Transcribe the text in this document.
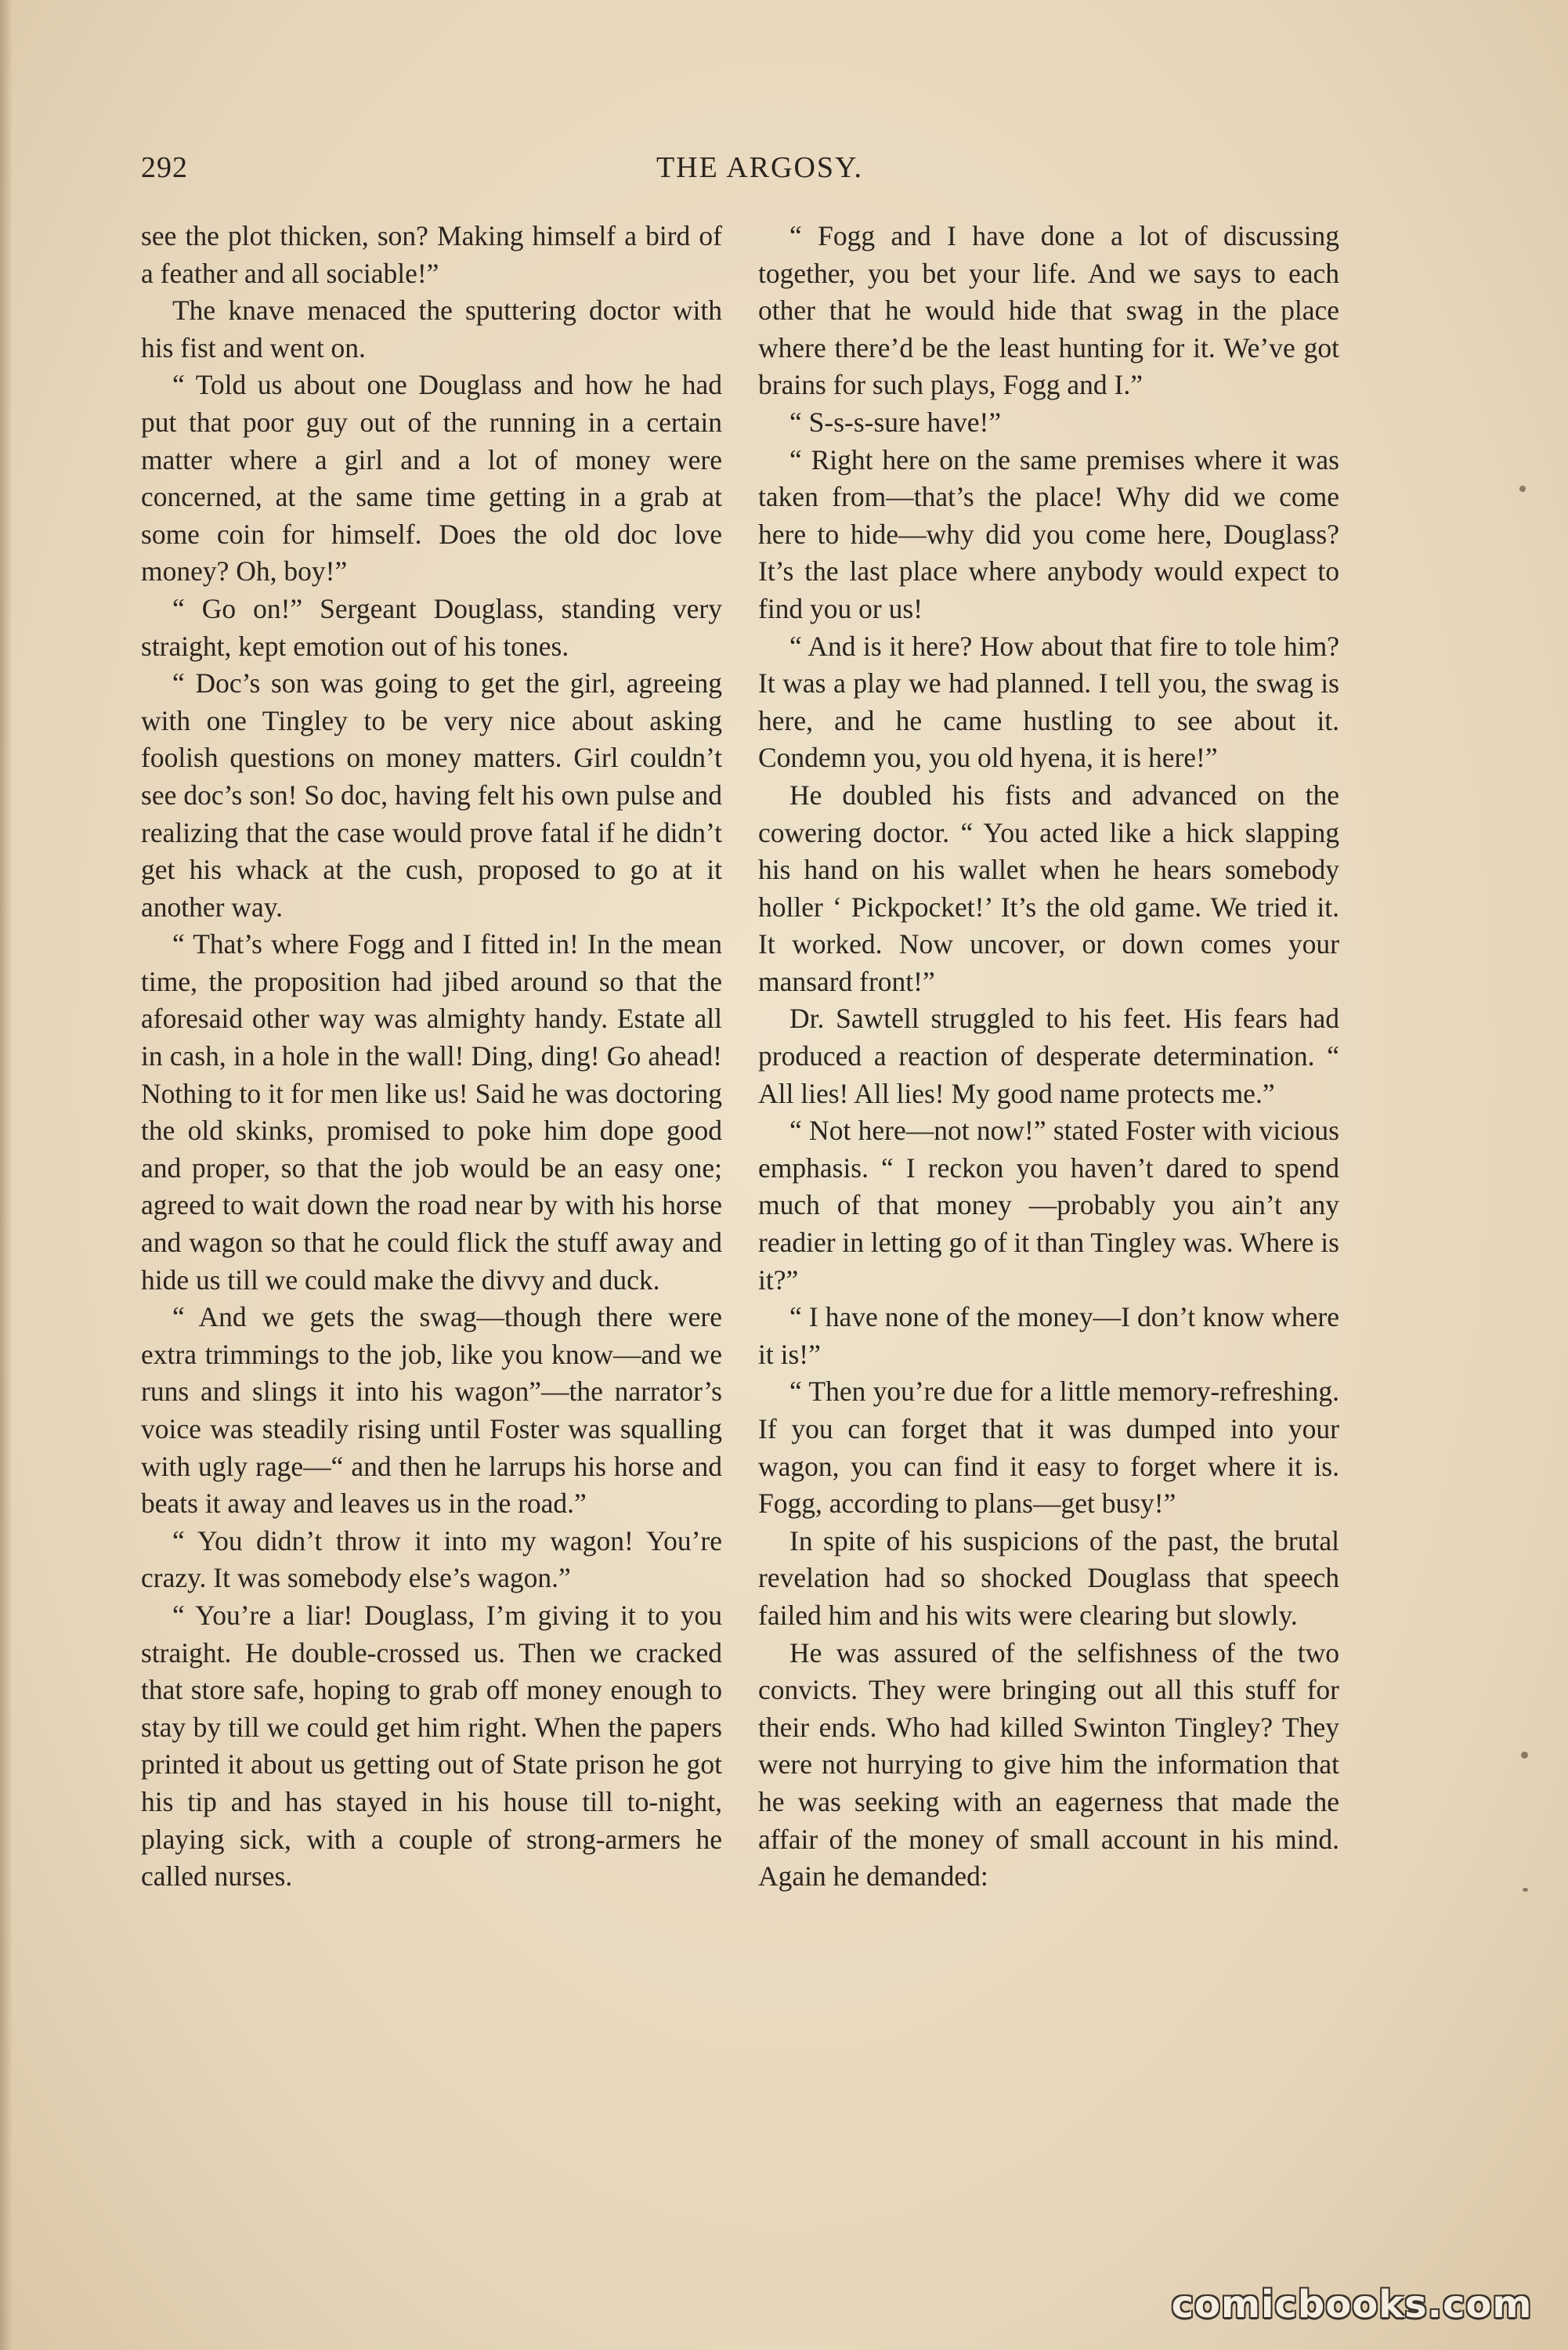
292	THE ARGOSY.

see the plot thicken, son? Making himself a bird of a feather and all sociable!”

The knave menaced the sputtering doctor with his fist and went on.

“ Told us about one Douglass and how he had put that poor guy out of the running in a certain matter where a girl and a lot of money were concerned, at the same time getting in a grab at some coin for himself. Does the old doc love money? Oh, boy!”

“ Go on!” Sergeant Douglass, standing very straight, kept emotion out of his tones.

“ Doc’s son was going to get the girl, agreeing with one Tingley to be very nice about asking foolish questions on money matters. Girl couldn’t see doc’s son! So doc, having felt his own pulse and realizing that the case would prove fatal if he didn’t get his whack at the cush, proposed to go at it another way.

“ That’s where Fogg and I fitted in! In the mean time, the proposition had jibed around so that the aforesaid other way was almighty handy. Estate all in cash, in a hole in the wall! Ding, ding! Go ahead! Nothing to it for men like us! Said he was doctoring the old skinks, promised to poke him dope good and proper, so that the job would be an easy one; agreed to wait down the road near by with his horse and wagon so that he could flick the stuff away and hide us till we could make the divvy and duck.

“ And we gets the swag—though there were extra trimmings to the job, like you know—and we runs and slings it into his wagon”—the narrator’s voice was steadily rising until Foster was squalling with ugly rage—“ and then he larrups his horse and beats it away and leaves us in the road.”

“ You didn’t throw it into my wagon! You’re crazy. It was somebody else’s wagon.”

“ You’re a liar! Douglass, I’m giving it to you straight. He double-crossed us. Then we cracked that store safe, hoping to grab off money enough to stay by till we could get him right. When the papers printed it about us getting out of State prison he got his tip and has stayed in his house till to-night, playing sick, with a couple of strong-armers he called nurses.

“ Fogg and I have done a lot of discussing together, you bet your life. And we says to each other that he would hide that swag in the place where there’d be the least hunting for it. We’ve got brains for such plays, Fogg and I.”

“ S-s-s-sure have!”

“ Right here on the same premises where it was taken from—that’s the place! Why did we come here to hide—why did you come here, Douglass? It’s the last place where anybody would expect to find you or us!

“ And is it here? How about that fire to tole him? It was a play we had planned. I tell you, the swag is here, and he came hustling to see about it. Condemn you, you old hyena, it is here!”

He doubled his fists and advanced on the cowering doctor. “ You acted like a hick slapping his hand on his wallet when he hears somebody holler ‘ Pickpocket!’ It’s the old game. We tried it. It worked. Now uncover, or down comes your mansard front!”

Dr. Sawtell struggled to his feet. His fears had produced a reaction of desperate determination. “ All lies! All lies! My good name protects me.”

“ Not here—not now!” stated Foster with vicious emphasis. “ I reckon you haven’t dared to spend much of that money —probably you ain’t any readier in letting go of it than Tingley was. Where is it?”

“ I have none of the money—I don’t know where it is!”

“ Then you’re due for a little memory-refreshing. If you can forget that it was dumped into your wagon, you can find it easy to forget where it is. Fogg, according to plans—get busy!”

In spite of his suspicions of the past, the brutal revelation had so shocked Douglass that speech failed him and his wits were clearing but slowly.

He was assured of the selfishness of the two convicts. They were bringing out all this stuff for their ends. Who had killed Swinton Tingley? They were not hurrying to give him the information that he was seeking with an eagerness that made the affair of the money of small account in his mind. Again he demanded:

comicbooks.com
